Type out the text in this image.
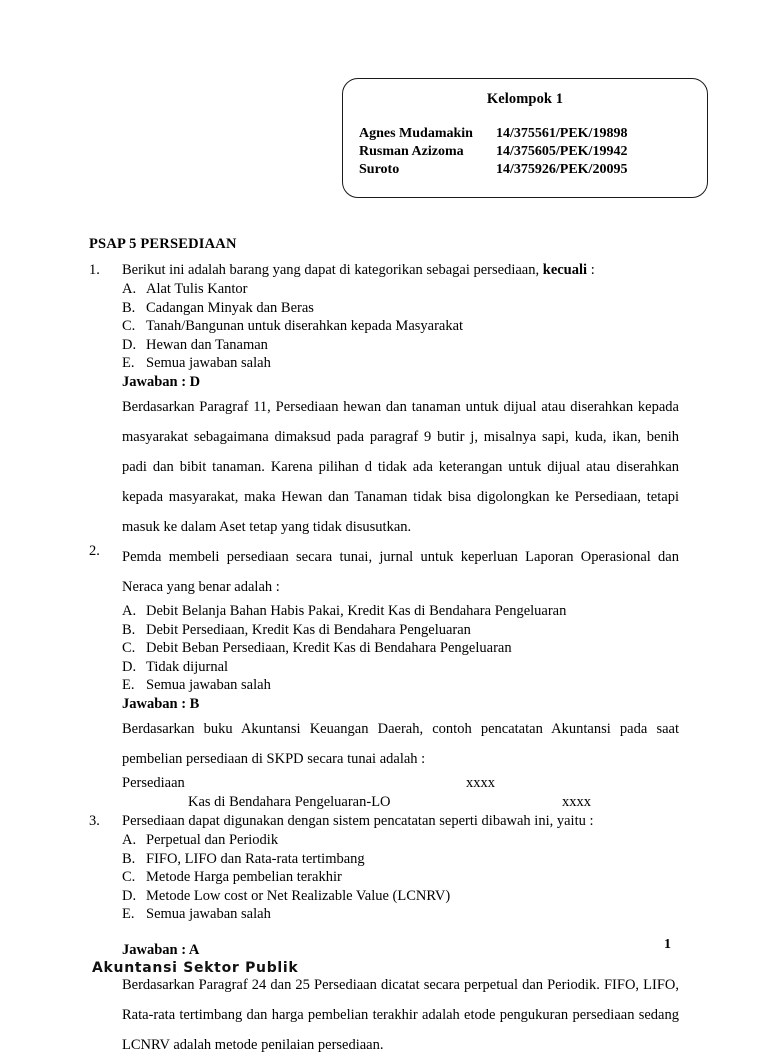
Kelompok 1
Agnes Mudamakin	14/375561/PEK/19898
Rusman Azizoma	14/375605/PEK/19942
Suroto	14/375926/PEK/20095
PSAP 5 PERSEDIAAN
1.	Berikut ini adalah barang yang dapat di kategorikan sebagai persediaan, kecuali :

A. Alat Tulis Kantor
B. Cadangan Minyak dan Beras
C. Tanah/Bangunan untuk diserahkan kepada Masyarakat
D. Hewan dan Tanaman
E. Semua jawaban salah

Jawaban : D

Berdasarkan Paragraf 11, Persediaan hewan dan tanaman untuk dijual atau diserahkan kepada masyarakat sebagaimana dimaksud pada paragraf 9 butir j, misalnya sapi, kuda, ikan, benih padi dan bibit tanaman. Karena pilihan d tidak ada keterangan untuk dijual atau diserahkan kepada masyarakat, maka Hewan dan Tanaman tidak bisa digolongkan ke Persediaan, tetapi masuk ke dalam Aset tetap yang tidak disusutkan.

2.	Pemda membeli persediaan secara tunai, jurnal untuk keperluan Laporan Operasional dan Neraca yang benar adalah :

A. Debit Belanja Bahan Habis Pakai, Kredit Kas di Bendahara Pengeluaran
B. Debit Persediaan, Kredit Kas di Bendahara Pengeluaran
C. Debit Beban Persediaan, Kredit Kas di Bendahara Pengeluaran
D. Tidak dijurnal
E. Semua jawaban salah

Jawaban : B

Berdasarkan buku Akuntansi Keuangan Daerah, contoh pencatatan Akuntansi pada saat pembelian persediaan di SKPD secara tunai adalah :

Persediaan	xxxx
Kas di Bendahara Pengeluaran-LO	xxxx
3.	Persediaan dapat digunakan dengan sistem pencatatan seperti dibawah ini, yaitu :

A. Perpetual dan Periodik
B. FIFO, LIFO dan Rata-rata tertimbang
C. Metode Harga pembelian terakhir
D. Metode Low cost or Net Realizable Value (LCNRV)
E. Semua jawaban salah

Jawaban : A

Berdasarkan Paragraf 24 dan 25 Persediaan dicatat secara perpetual dan Periodik. FIFO, LIFO, Rata-rata tertimbang dan harga pembelian terakhir adalah etode pengukuran persediaan sedang LCNRV adalah metode penilaian persediaan.

1
Akuntansi Sektor Publik
